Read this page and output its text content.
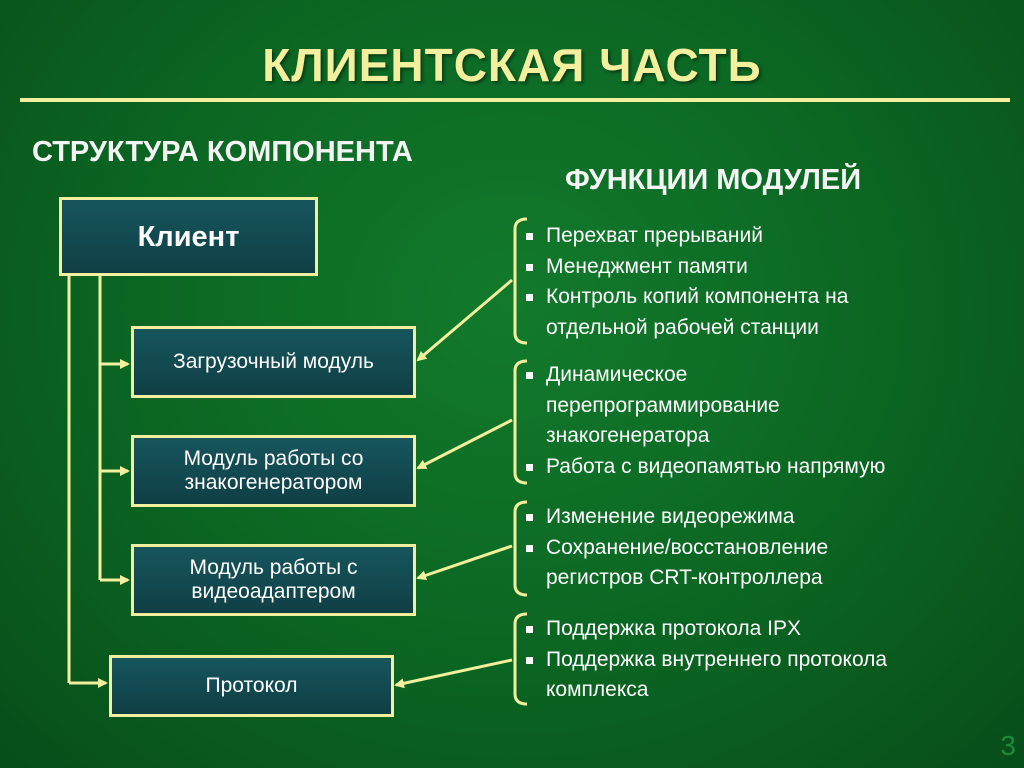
КЛИЕНТСКАЯ ЧАСТЬ
СТРУКТУРА КОМПОНЕНТА
ФУНКЦИИ МОДУЛЕЙ
Клиент
Загрузочный модуль
Модуль работы со знакогенератором
Модуль работы с видеоадаптером
Протокол
Перехват прерываний
Менеджмент памяти
Контроль копий компонента на отдельной рабочей станции
Динамическое перепрограммирование знакогенератора
Работа с видеопамятью напрямую
Изменение видеорежима
Сохранение/восстановление регистров CRT-контроллера
Поддержка протокола IPX
Поддержка внутреннего протокола комплекса
3
